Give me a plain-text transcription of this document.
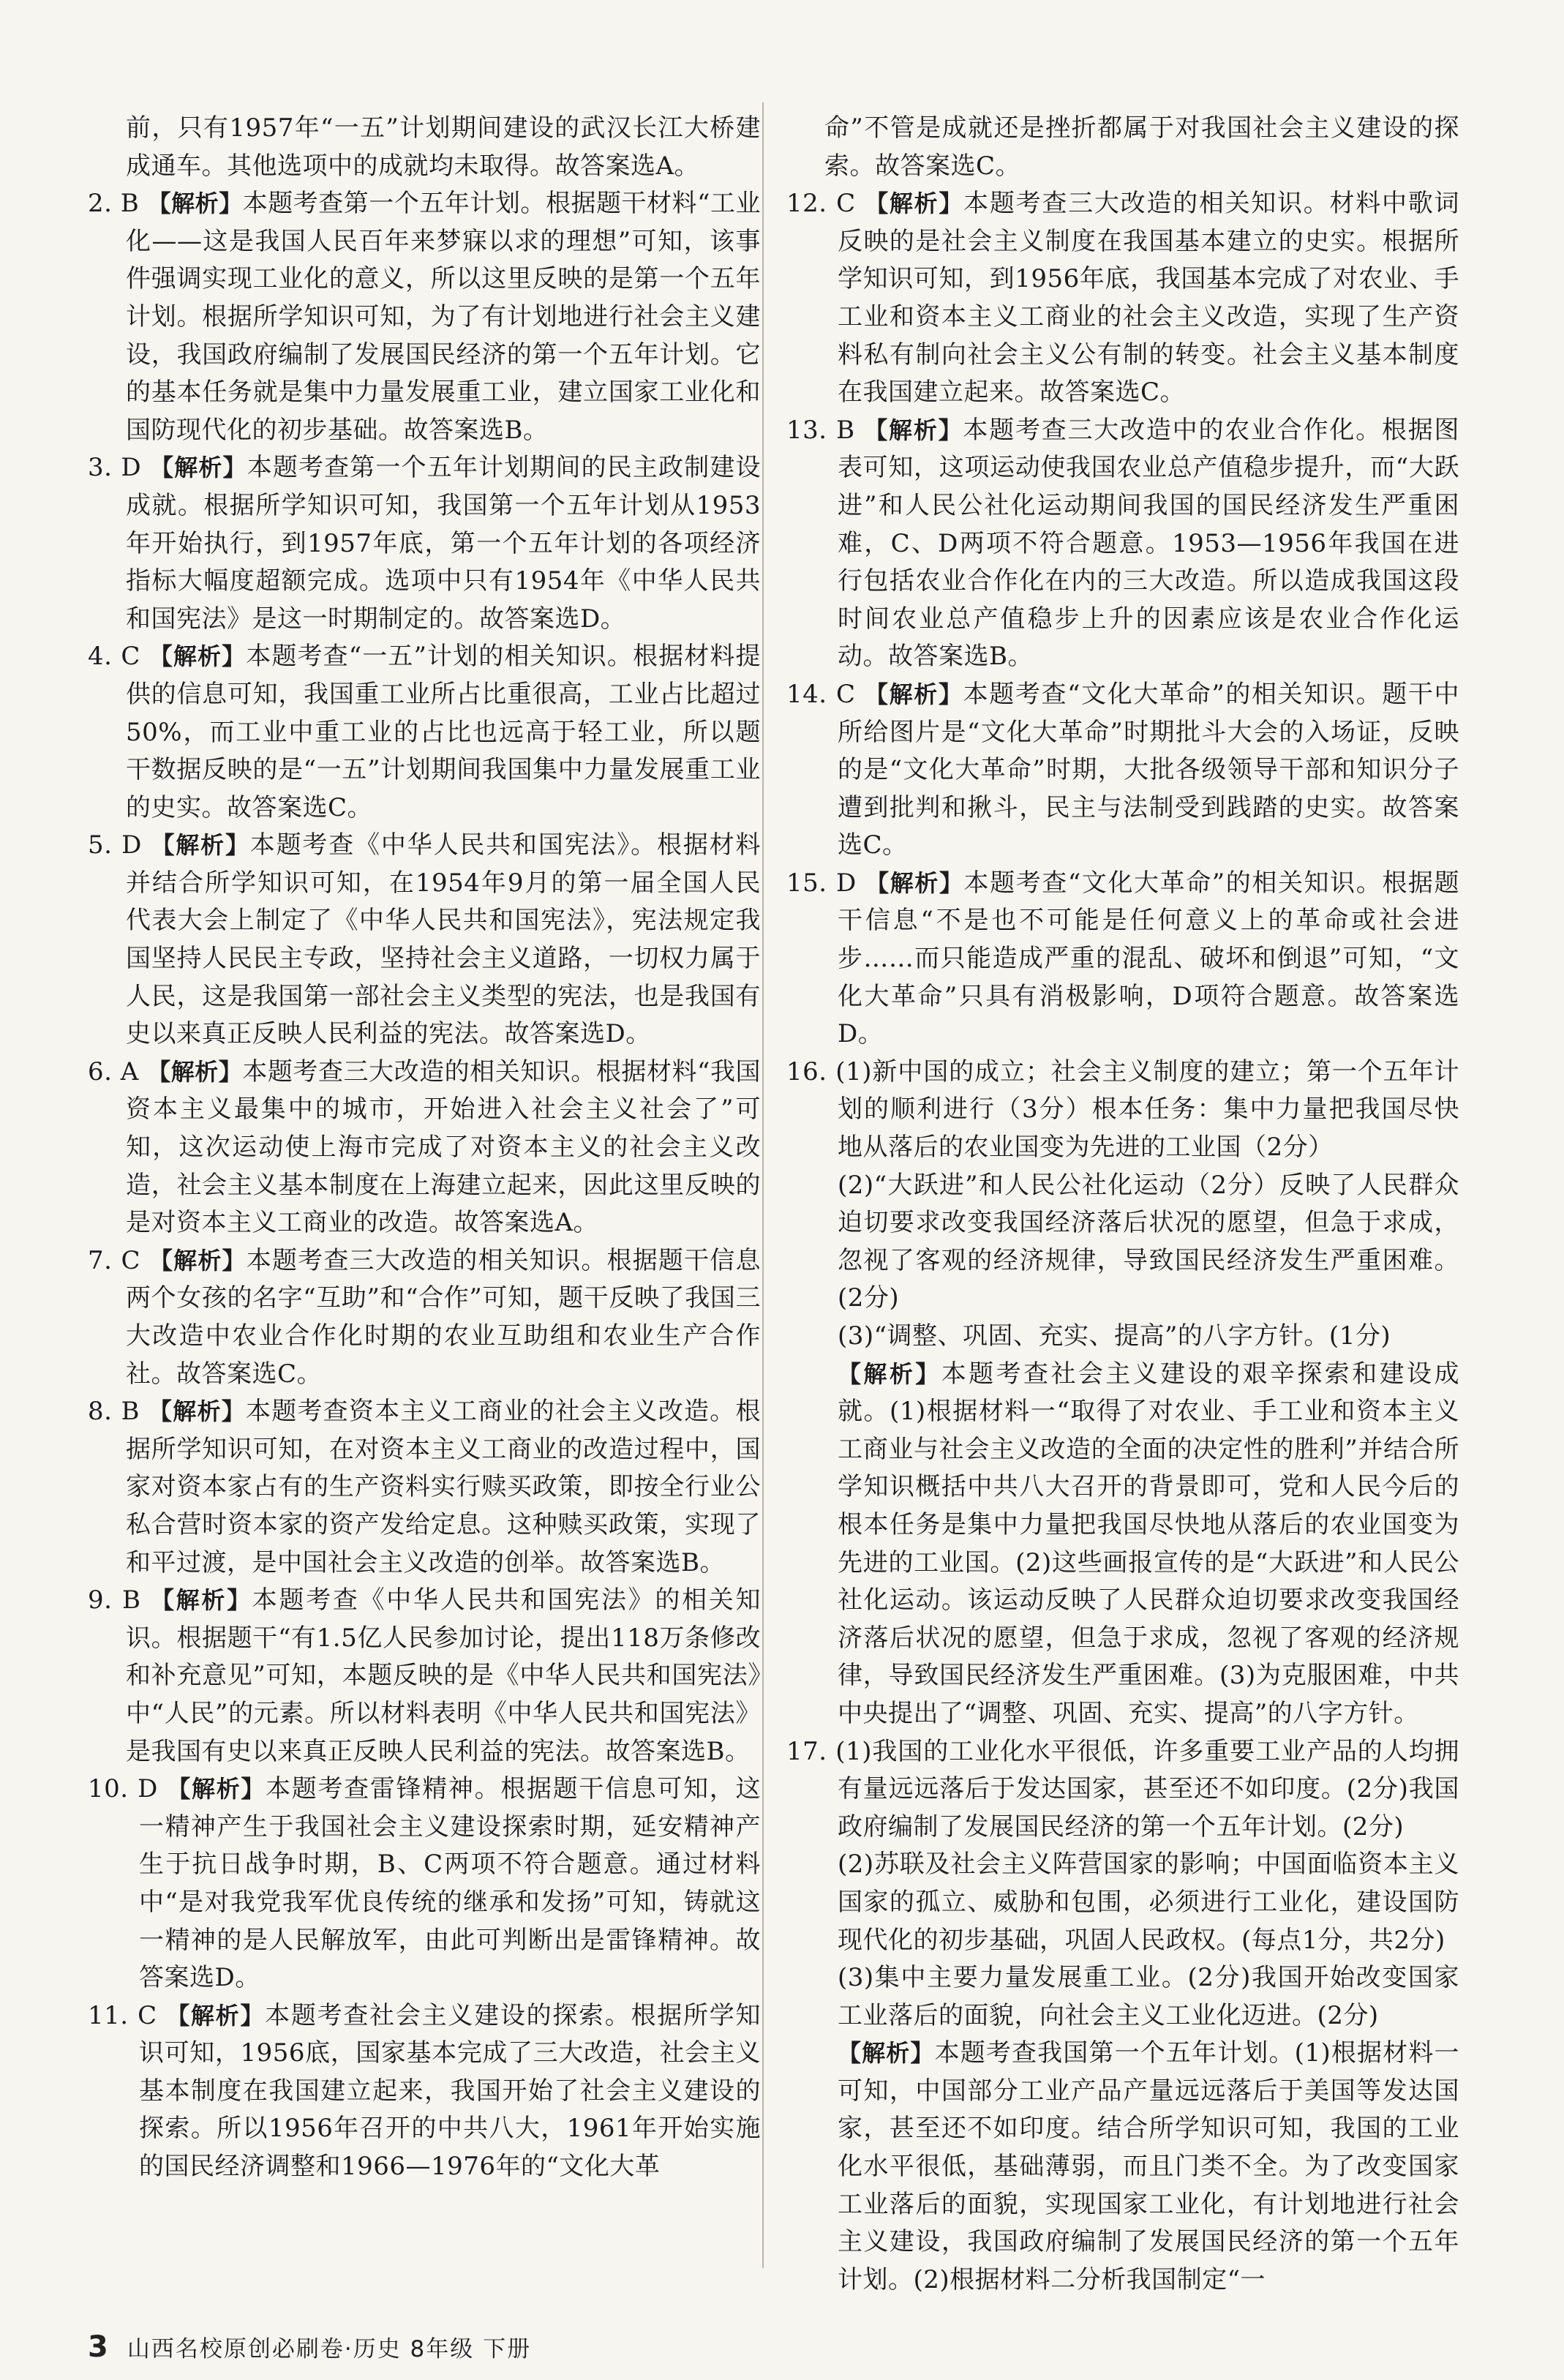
前，只有1957年“一五”计划期间建设的武汉长江大桥建成通车。其他选项中的成就均未取得。故答案选A。

2. B 【解析】本题考查第一个五年计划。根据题干材料“工业化——这是我国人民百年来梦寐以求的理想”可知，该事件强调实现工业化的意义，所以这里反映的是第一个五年计划。根据所学知识可知，为了有计划地进行社会主义建设，我国政府编制了发展国民经济的第一个五年计划。它的基本任务就是集中力量发展重工业，建立国家工业化和国防现代化的初步基础。故答案选B。

3. D 【解析】本题考查第一个五年计划期间的民主政制建设成就。根据所学知识可知，我国第一个五年计划从1953年开始执行，到1957年底，第一个五年计划的各项经济指标大幅度超额完成。选项中只有1954年《中华人民共和国宪法》是这一时期制定的。故答案选D。

4. C 【解析】本题考查“一五”计划的相关知识。根据材料提供的信息可知，我国重工业所占比重很高，工业占比超过50%，而工业中重工业的占比也远高于轻工业，所以题干数据反映的是“一五”计划期间我国集中力量发展重工业的史实。故答案选C。

5. D 【解析】本题考查《中华人民共和国宪法》。根据材料并结合所学知识可知，在1954年9月的第一届全国人民代表大会上制定了《中华人民共和国宪法》，宪法规定我国坚持人民民主专政，坚持社会主义道路，一切权力属于人民，这是我国第一部社会主义类型的宪法，也是我国有史以来真正反映人民利益的宪法。故答案选D。

6. A 【解析】本题考查三大改造的相关知识。根据材料“我国资本主义最集中的城市，开始进入社会主义社会了”可知，这次运动使上海市完成了对资本主义的社会主义改造，社会主义基本制度在上海建立起来，因此这里反映的是对资本主义工商业的改造。故答案选A。

7. C 【解析】本题考查三大改造的相关知识。根据题干信息两个女孩的名字“互助”和“合作”可知，题干反映了我国三大改造中农业合作化时期的农业互助组和农业生产合作社。故答案选C。

8. B 【解析】本题考查资本主义工商业的社会主义改造。根据所学知识可知，在对资本主义工商业的改造过程中，国家对资本家占有的生产资料实行赎买政策，即按全行业公私合营时资本家的资产发给定息。这种赎买政策，实现了和平过渡，是中国社会主义改造的创举。故答案选B。

9. B 【解析】本题考查《中华人民共和国宪法》的相关知识。根据题干“有1.5亿人民参加讨论，提出118万条修改和补充意见”可知，本题反映的是《中华人民共和国宪法》中“人民”的元素。所以材料表明《中华人民共和国宪法》是我国有史以来真正反映人民利益的宪法。故答案选B。

10. D 【解析】本题考查雷锋精神。根据题干信息可知，这一精神产生于我国社会主义建设探索时期，延安精神产生于抗日战争时期，B、C两项不符合题意。通过材料中“是对我党我军优良传统的继承和发扬”可知，铸就这一精神的是人民解放军，由此可判断出是雷锋精神。故答案选D。

11. C 【解析】本题考查社会主义建设的探索。根据所学知识可知，1956底，国家基本完成了三大改造，社会主义基本制度在我国建立起来，我国开始了社会主义建设的探索。所以1956年召开的中共八大，1961年开始实施的国民经济调整和1966—1976年的“文化大革

命”不管是成就还是挫折都属于对我国社会主义建设的探索。故答案选C。

12. C 【解析】本题考查三大改造的相关知识。材料中歌词反映的是社会主义制度在我国基本建立的史实。根据所学知识可知，到1956年底，我国基本完成了对农业、手工业和资本主义工商业的社会主义改造，实现了生产资料私有制向社会主义公有制的转变。社会主义基本制度在我国建立起来。故答案选C。

13. B 【解析】本题考查三大改造中的农业合作化。根据图表可知，这项运动使我国农业总产值稳步提升，而“大跃进”和人民公社化运动期间我国的国民经济发生严重困难，C、D两项不符合题意。1953—1956年我国在进行包括农业合作化在内的三大改造。所以造成我国这段时间农业总产值稳步上升的因素应该是农业合作化运动。故答案选B。

14. C 【解析】本题考查“文化大革命”的相关知识。题干中所给图片是“文化大革命”时期批斗大会的入场证，反映的是“文化大革命”时期，大批各级领导干部和知识分子遭到批判和揪斗，民主与法制受到践踏的史实。故答案选C。

15. D 【解析】本题考查“文化大革命”的相关知识。根据题干信息“不是也不可能是任何意义上的革命或社会进步……而只能造成严重的混乱、破坏和倒退”可知，“文化大革命”只具有消极影响，D项符合题意。故答案选D。

16. (1)新中国的成立；社会主义制度的建立；第一个五年计划的顺利进行（3分）根本任务：集中力量把我国尽快地从落后的农业国变为先进的工业国（2分）

(2)“大跃进”和人民公社化运动（2分）反映了人民群众迫切要求改变我国经济落后状况的愿望，但急于求成，忽视了客观的经济规律，导致国民经济发生严重困难。(2分)

(3)“调整、巩固、充实、提高”的八字方针。(1分)

【解析】本题考查社会主义建设的艰辛探索和建设成就。(1)根据材料一“取得了对农业、手工业和资本主义工商业与社会主义改造的全面的决定性的胜利”并结合所学知识概括中共八大召开的背景即可，党和人民今后的根本任务是集中力量把我国尽快地从落后的农业国变为先进的工业国。(2)这些画报宣传的是“大跃进”和人民公社化运动。该运动反映了人民群众迫切要求改变我国经济落后状况的愿望，但急于求成，忽视了客观的经济规律，导致国民经济发生严重困难。(3)为克服困难，中共中央提出了“调整、巩固、充实、提高”的八字方针。

17. (1)我国的工业化水平很低，许多重要工业产品的人均拥有量远远落后于发达国家，甚至还不如印度。(2分)我国政府编制了发展国民经济的第一个五年计划。(2分)

(2)苏联及社会主义阵营国家的影响；中国面临资本主义国家的孤立、威胁和包围，必须进行工业化，建设国防现代化的初步基础，巩固人民政权。(每点1分，共2分)

(3)集中主要力量发展重工业。(2分)我国开始改变国家工业落后的面貌，向社会主义工业化迈进。(2分)

【解析】本题考查我国第一个五年计划。(1)根据材料一可知，中国部分工业产品产量远远落后于美国等发达国家，甚至还不如印度。结合所学知识可知，我国的工业化水平很低，基础薄弱，而且门类不全。为了改变国家工业落后的面貌，实现国家工业化，有计划地进行社会主义建设，我国政府编制了发展国民经济的第一个五年计划。(2)根据材料二分析我国制定“一

3 山西名校原创必刷卷·历史 8年级 下册
